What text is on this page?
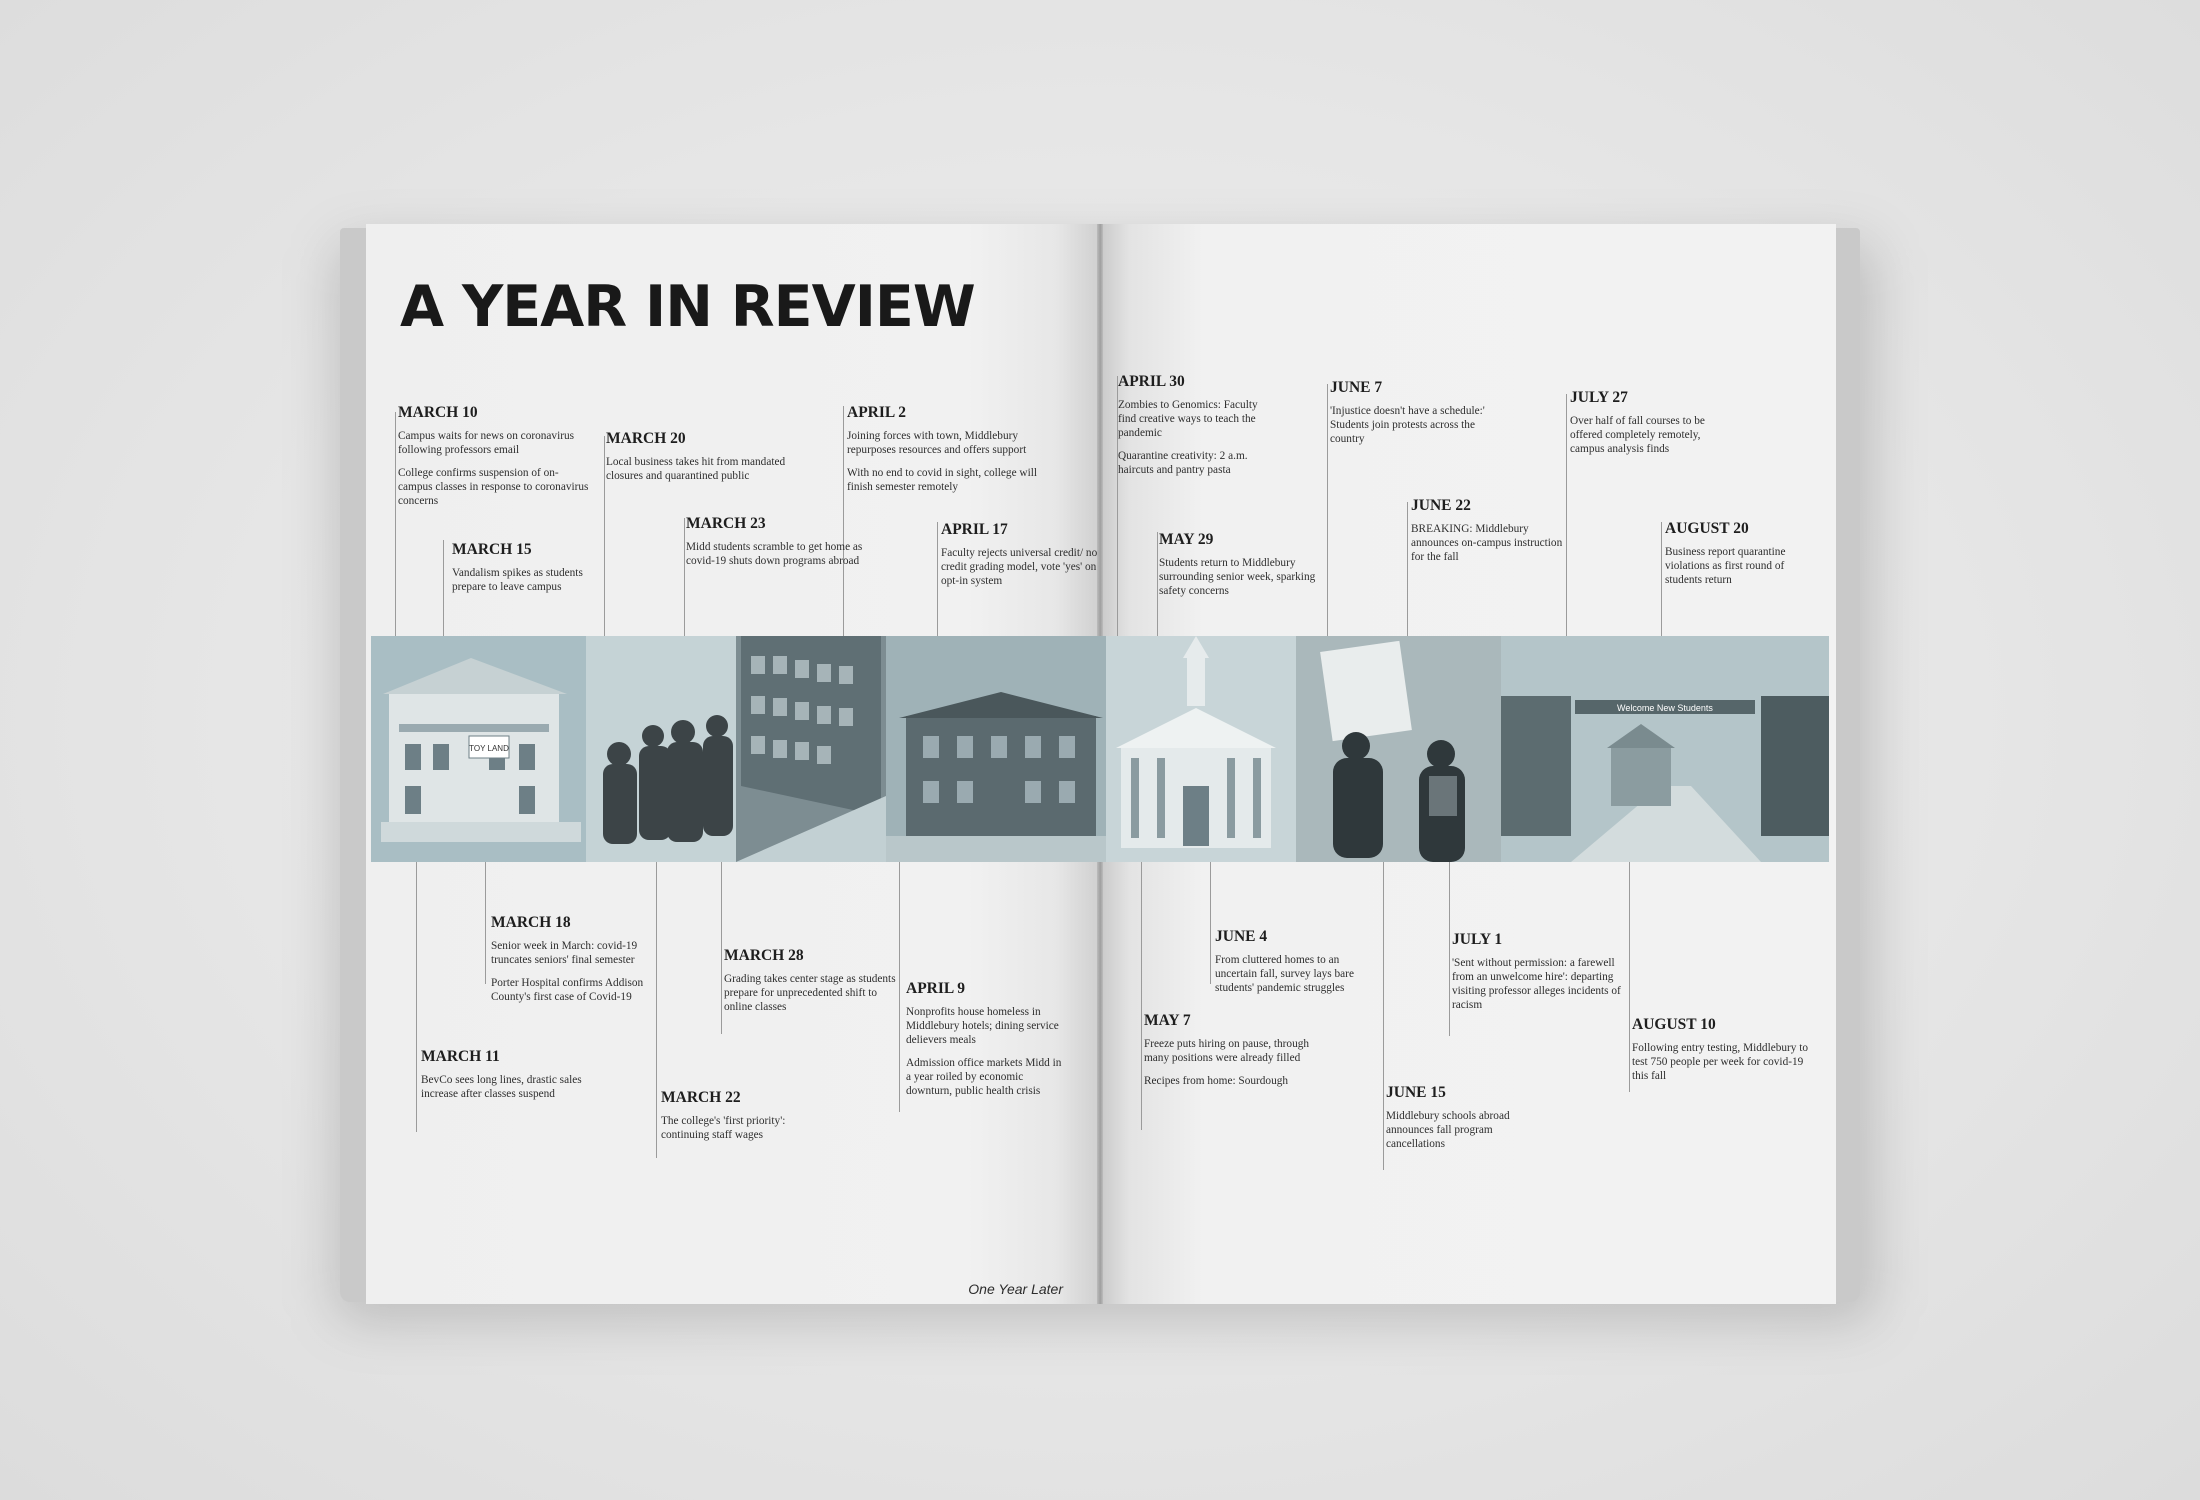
A YEAR IN REVIEW
TOY LAND
Welcome New Students
MARCH 10

Campus waits for news on coronavirus following professors email

College confirms suspension of on-campus classes in response to coronavirus concerns

MARCH 15

Vandalism spikes as students prepare to leave campus

MARCH 20

Local business takes hit from mandated closures and quarantined public

MARCH 23

Midd students scramble to get home as covid-19 shuts down programs abroad

APRIL 2

Joining forces with town, Middlebury repurposes resources and offers support

With no end to covid in sight, college will finish semester remotely

APRIL 17

Faculty rejects universal credit/ no credit grading model, vote 'yes' on opt-in system

APRIL 30

Zombies to Genomics: Faculty find creative ways to teach the pandemic

Quarantine creativity: 2 a.m. haircuts and pantry pasta

MAY 29

Students return to Middlebury surrounding senior week, sparking safety concerns

JUNE 7

'Injustice doesn't have a schedule:' Students join protests across the country

JUNE 22

BREAKING: Middlebury announces on-campus instruction for the fall

JULY 27

Over half of fall courses to be offered completely remotely, campus analysis finds

AUGUST 20

Business report quarantine violations as first round of students return

MARCH 18

Senior week in March: covid-19 truncates seniors' final semester

Porter Hospital confirms Addison County's first case of Covid-19

MARCH 11

BevCo sees long lines, drastic sales increase after classes suspend

MARCH 28

Grading takes center stage as students prepare for unprecedented shift to online classes

MARCH 22

The college's 'first priority': continuing staff wages

APRIL 9

Nonprofits house homeless in Middlebury hotels; dining service delievers meals

Admission office markets Midd in a year roiled by economic downturn, public health crisis

JUNE 4

From cluttered homes to an uncertain fall, survey lays bare students' pandemic struggles

MAY 7

Freeze puts hiring on pause, through many positions were already filled

Recipes from home: Sourdough

JULY 1

'Sent without permission: a farewell from an unwelcome hire': departing visiting professor alleges incidents of racism

JUNE 15

Middlebury schools abroad announces fall program cancellations

AUGUST 10

Following entry testing, Middlebury to test 750 people per week for covid-19 this fall

One Year Later
